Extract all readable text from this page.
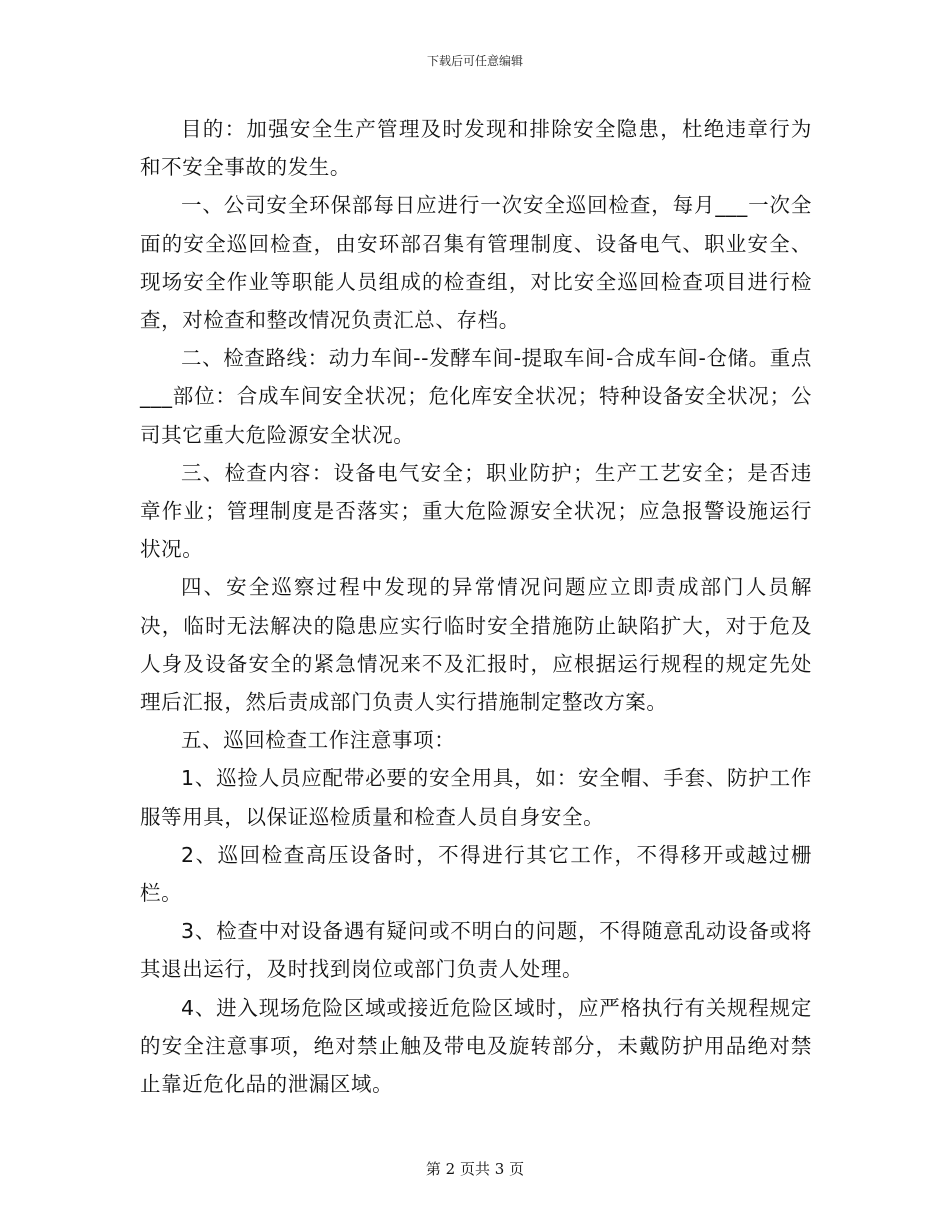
下载后可任意编辑

目的：加强安全生产管理及时发现和排除安全隐患，杜绝违章行为和不安全事故的发生。

一、公司安全环保部每日应进行一次安全巡回检查，每月___一次全面的安全巡回检查，由安环部召集有管理制度、设备电气、职业安全、现场安全作业等职能人员组成的检查组，对比安全巡回检查项目进行检查，对检查和整改情况负责汇总、存档。

二、检查路线：动力车间--发酵车间-提取车间-合成车间-仓储。重点___部位：合成车间安全状况；危化库安全状况；特种设备安全状况；公司其它重大危险源安全状况。

三、检查内容：设备电气安全；职业防护；生产工艺安全；是否违章作业；管理制度是否落实；重大危险源安全状况；应急报警设施运行状况。

四、安全巡察过程中发现的异常情况问题应立即责成部门人员解决，临时无法解决的隐患应实行临时安全措施防止缺陷扩大，对于危及人身及设备安全的紧急情况来不及汇报时，应根据运行规程的规定先处理后汇报，然后责成部门负责人实行措施制定整改方案。

五、巡回检查工作注意事项：

1、巡捡人员应配带必要的安全用具，如：安全帽、手套、防护工作服等用具，以保证巡检质量和检查人员自身安全。

2、巡回检查高压设备时，不得进行其它工作，不得移开或越过栅栏。

3、检查中对设备遇有疑问或不明白的问题，不得随意乱动设备或将其退出运行，及时找到岗位或部门负责人处理。

4、进入现场危险区域或接近危险区域时，应严格执行有关规程规定的安全注意事项，绝对禁止触及带电及旋转部分，未戴防护用品绝对禁止靠近危化品的泄漏区域。

第 2 页共 3 页
